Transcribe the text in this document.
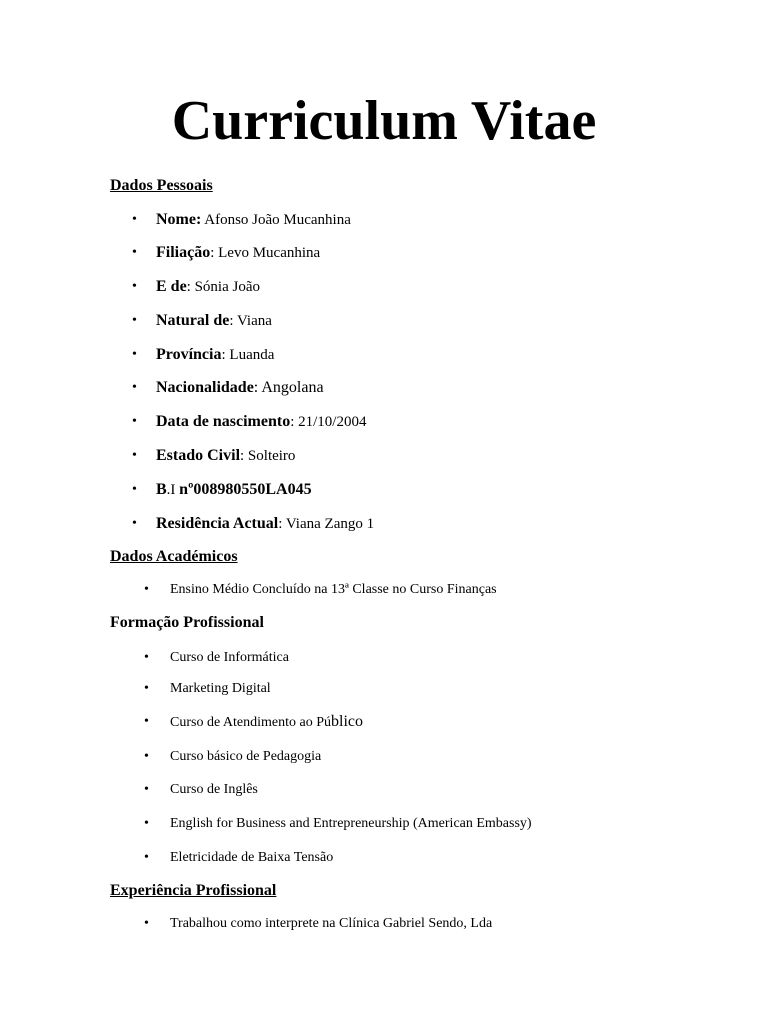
Curriculum Vitae
Dados Pessoais
• Nome: Afonso João Mucanhina
• Filiação: Levo Mucanhina
• E de: Sónia João
• Natural de: Viana
• Província: Luanda
• Nacionalidade: Angolana
• Data de nascimento: 21/10/2004
• Estado Civil: Solteiro
• B.I nº008980550LA045
• Residência Actual: Viana Zango 1
Dados Académicos
• Ensino Médio Concluído na 13ª Classe no Curso Finanças
Formação Profissional
• Curso de Informática
• Marketing Digital
• Curso de Atendimento ao Público
• Curso básico de Pedagogia
• Curso de Inglês
• English for Business and Entrepreneurship (American Embassy)
• Eletricidade de Baixa Tensão
Experiência Profissional
• Trabalhou como interprete na Clínica Gabriel Sendo, Lda
